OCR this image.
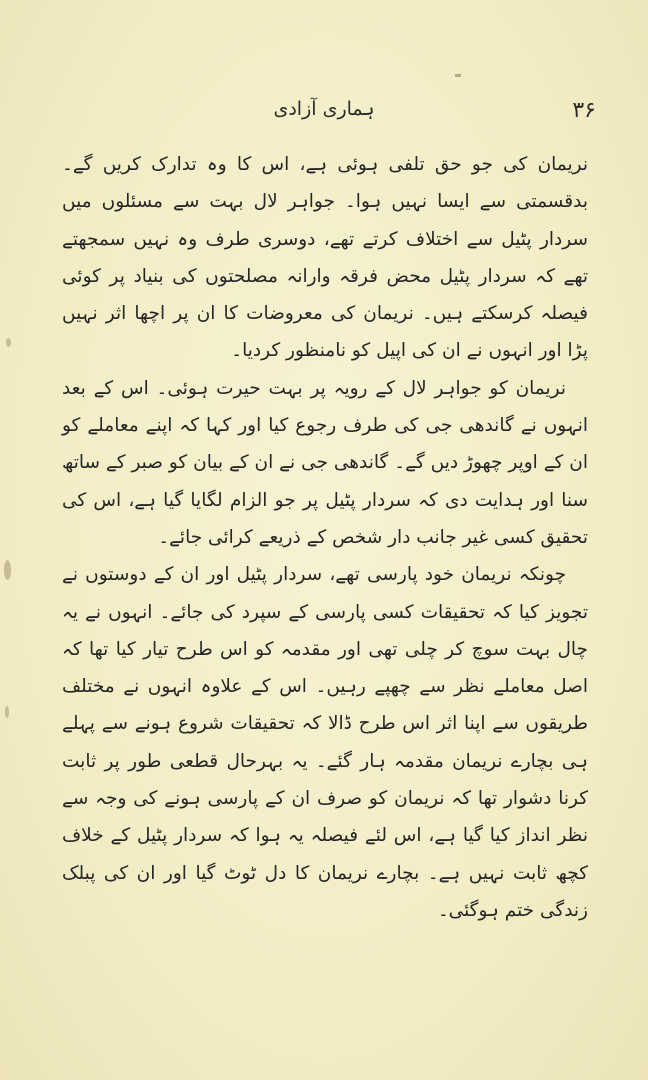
۳۶
ہماری آزادی

نریمان کی جو حق تلفی ہوئی ہے، اس کا وہ تدارک کریں گے۔ بدقسمتی سے ایسا نہیں ہوا۔ جواہر لال بہت سے مسئلوں میں سردار پٹیل سے اختلاف کرتے تھے، دوسری طرف وہ نہیں سمجھتے تھے کہ سردار پٹیل محض فرقہ وارانہ مصلحتوں کی بنیاد پر کوئی فیصلہ کرسکتے ہیں۔ نریمان کی معروضات کا ان پر اچھا اثر نہیں پڑا اور انہوں نے ان کی اپیل کو نامنظور کردیا۔

نریمان کو جواہر لال کے رویہ پر بہت حیرت ہوئی۔ اس کے بعد انہوں نے گاندھی جی کی طرف رجوع کیا اور کہا کہ اپنے معاملے کو ان کے اوپر چھوڑ دیں گے۔ گاندھی جی نے ان کے بیان کو صبر کے ساتھ سنا اور ہدایت دی کہ سردار پٹیل پر جو الزام لگایا گیا ہے، اس کی تحقیق کسی غیر جانب دار شخص کے ذریعے کرائی جائے۔

چونکہ نریمان خود پارسی تھے، سردار پٹیل اور ان کے دوستوں نے تجویز کیا کہ تحقیقات کسی پارسی کے سپرد کی جائے۔ انہوں نے یہ چال بہت سوچ کر چلی تھی اور مقدمہ کو اس طرح تیار کیا تھا کہ اصل معاملے نظر سے چھپے رہیں۔ اس کے علاوہ انہوں نے مختلف طریقوں سے اپنا اثر اس طرح ڈالا کہ تحقیقات شروع ہونے سے پہلے ہی بچارے نریمان مقدمہ ہار گئے۔ یہ بہرحال قطعی طور پر ثابت کرنا دشوار تھا کہ نریمان کو صرف ان کے پارسی ہونے کی وجہ سے نظر انداز کیا گیا ہے، اس لئے فیصلہ یہ ہوا کہ سردار پٹیل کے خلاف کچھ ثابت نہیں ہے۔ بچارے نریمان کا دل ٹوٹ گیا اور ان کی پبلک زندگی ختم ہوگئی۔
